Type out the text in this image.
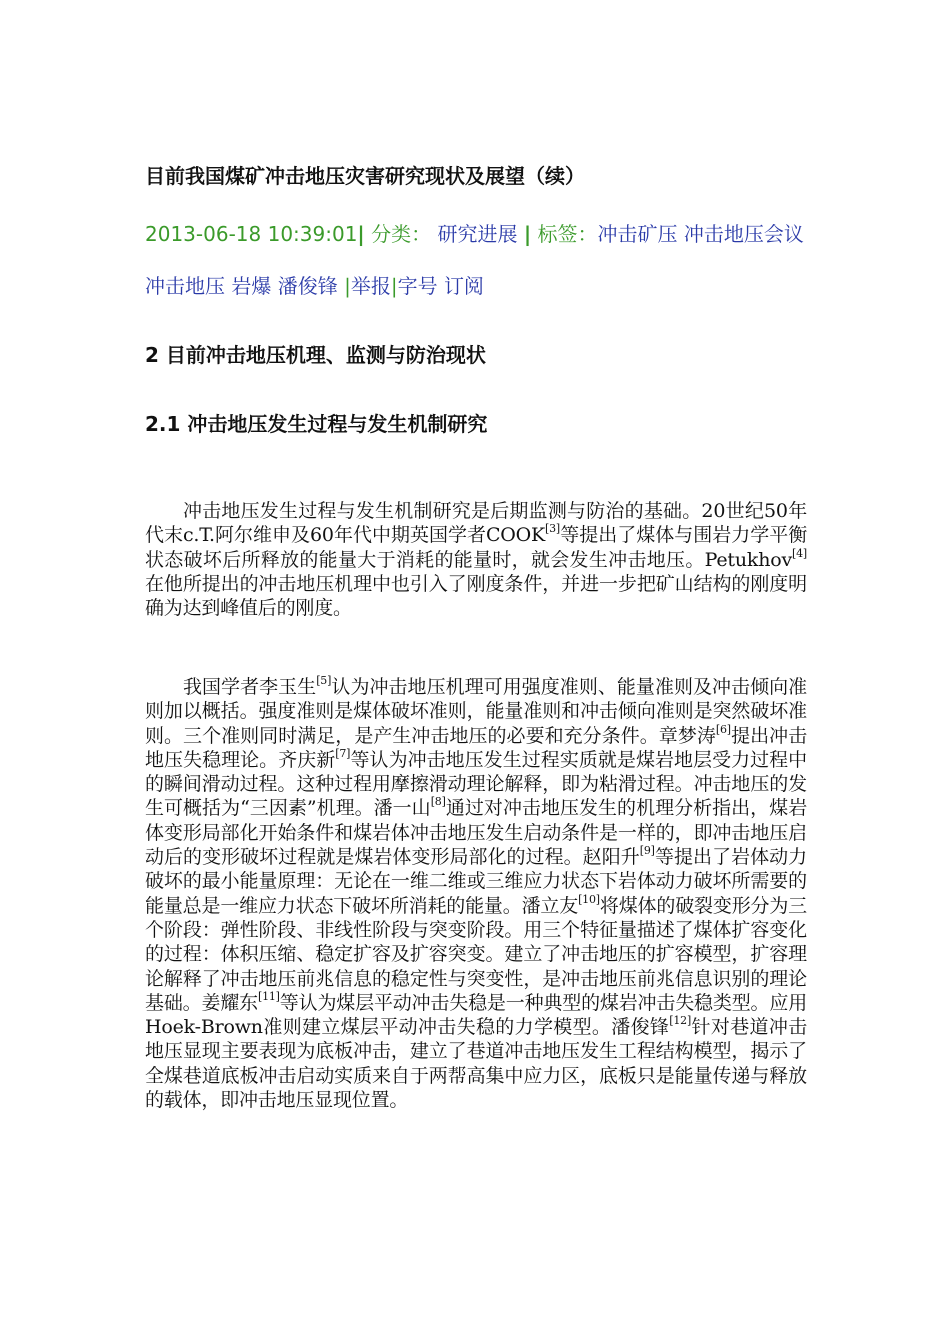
目前我国煤矿冲击地压灾害研究现状及展望（续）
2013-06-18 10:39:01| 分类： 研究进展 | 标签：冲击矿压 冲击地压会议 冲击地压 岩爆 潘俊锋 |举报|字号 订阅
2 目前冲击地压机理、监测与防治现状
2.1 冲击地压发生过程与发生机制研究

冲击地压发生过程与发生机制研究是后期监测与防治的基础。20世纪50年代末c.T.阿尔维申及60年代中期英国学者COOK[3]等提出了煤体与围岩力学平衡状态破坏后所释放的能量大于消耗的能量时，就会发生冲击地压。Petukhov[4]在他所提出的冲击地压机理中也引入了刚度条件，并进一步把矿山结构的刚度明确为达到峰值后的刚度。

我国学者李玉生[5]认为冲击地压机理可用强度准则、能量准则及冲击倾向准则加以概括。强度准则是煤体破坏准则，能量准则和冲击倾向准则是突然破坏准则。三个准则同时满足，是产生冲击地压的必要和充分条件。章梦涛[6]提出冲击地压失稳理论。齐庆新[7]等认为冲击地压发生过程实质就是煤岩地层受力过程中的瞬间滑动过程。这种过程用摩擦滑动理论解释，即为粘滑过程。冲击地压的发生可概括为“三因素”机理。潘一山[8]通过对冲击地压发生的机理分析指出，煤岩体变形局部化开始条件和煤岩体冲击地压发生启动条件是一样的，即冲击地压启动后的变形破坏过程就是煤岩体变形局部化的过程。赵阳升[9]等提出了岩体动力破坏的最小能量原理：无论在一维二维或三维应力状态下岩体动力破坏所需要的能量总是一维应力状态下破坏所消耗的能量。潘立友[10]将煤体的破裂变形分为三个阶段：弹性阶段、非线性阶段与突变阶段。用三个特征量描述了煤体扩容变化的过程：体积压缩、稳定扩容及扩容突变。建立了冲击地压的扩容模型，扩容理论解释了冲击地压前兆信息的稳定性与突变性，是冲击地压前兆信息识别的理论基础。姜耀东[11]等认为煤层平动冲击失稳是一种典型的煤岩冲击失稳类型。应用Hoek-Brown准则建立煤层平动冲击失稳的力学模型。潘俊锋[12]针对巷道冲击地压显现主要表现为底板冲击，建立了巷道冲击地压发生工程结构模型，揭示了全煤巷道底板冲击启动实质来自于两帮高集中应力区，底板只是能量传递与释放的载体，即冲击地压显现位置。
